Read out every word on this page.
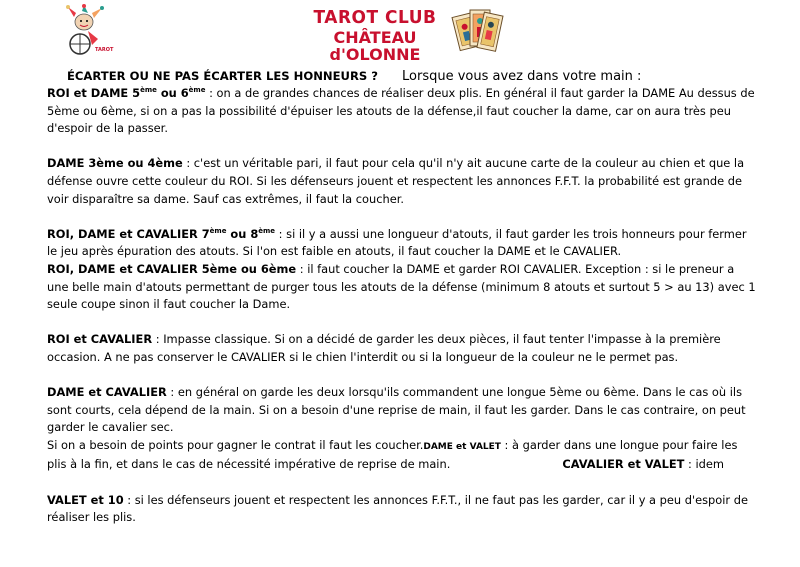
TAROT
TAROT CLUB
CHÂTEAU d'OLONNE

ÉCARTER OU NE PAS ÉCARTER LES HONNEURS ? Lorsque vous avez dans votre main :

ROI et DAME 5ème ou 6ème : on a de grandes chances de réaliser deux plis. En général il faut garder la DAME Au dessus de 5ème ou 6ème, si on a pas la possibilité d'épuiser les atouts de la défense,il faut coucher la dame, car on aura très peu d'espoir de la passer.

DAME 3ème ou 4ème : c'est un véritable pari, il faut pour cela qu'il n'y ait aucune carte de la couleur au chien et que la défense ouvre cette couleur du ROI. Si les défenseurs jouent et respectent les annonces F.F.T. la probabilité est grande de voir disparaître sa dame. Sauf cas extrêmes, il faut la coucher.

ROI, DAME et CAVALIER 7ème ou 8ème : si il y a aussi une longueur d'atouts, il faut garder les trois honneurs pour fermer le jeu après épuration des atouts. Si l'on est faible en atouts, il faut coucher la DAME et le CAVALIER.

ROI, DAME et CAVALIER 5ème ou 6ème : il faut coucher la DAME et garder ROI CAVALIER. Exception : si le preneur a une belle main d'atouts permettant de purger tous les atouts de la défense (minimum 8 atouts et surtout 5 > au 13) avec 1 seule coupe sinon il faut coucher la Dame.

ROI et CAVALIER : Impasse classique. Si on a décidé de garder les deux pièces, il faut tenter l'impasse à la première occasion. A ne pas conserver le CAVALIER si le chien l'interdit ou si la longueur de la couleur ne le permet pas.

DAME et CAVALIER : en général on garde les deux lorsqu'ils commandent une longue 5ème ou 6ème. Dans le cas où ils sont courts, cela dépend de la main. Si on a besoin d'une reprise de main, il faut les garder. Dans le cas contraire, on peut garder le cavalier sec.

Si on a besoin de points pour gagner le contrat il faut les coucher.DAME et VALET : à garder dans une longue pour faire les plis à la fin, et dans le cas de nécessité impérative de reprise de main.	CAVALIER et VALET : idem

VALET et 10 : si les défenseurs jouent et respectent les annonces F.F.T., il ne faut pas les garder, car il y a peu d'espoir de réaliser les plis.
